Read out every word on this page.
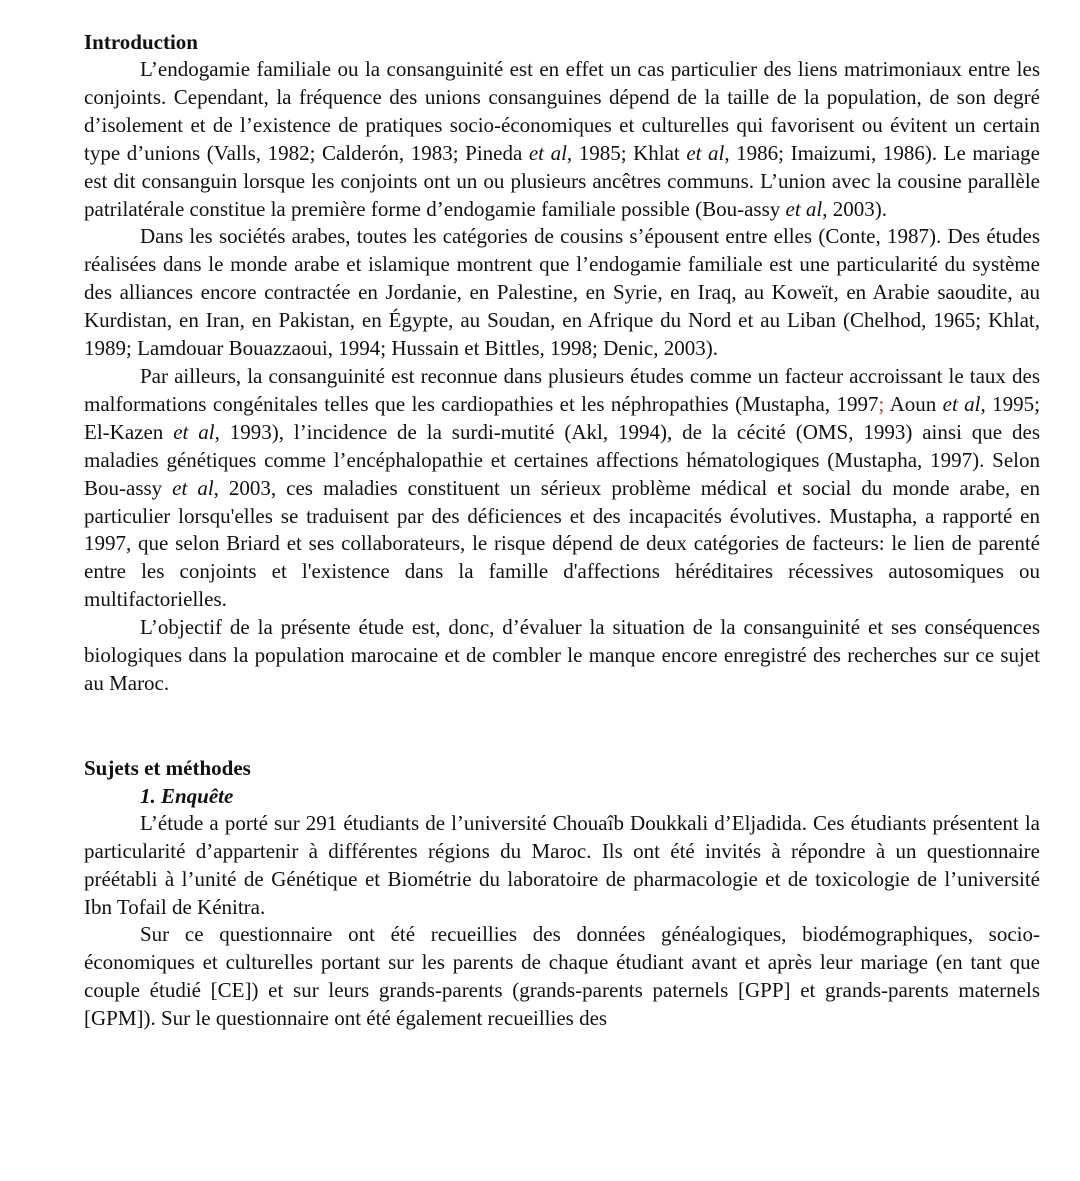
Introduction

L’endogamie familiale ou la consanguinité est en effet un cas particulier des liens matrimoniaux entre les conjoints. Cependant, la fréquence des unions consanguines dépend de la taille de la population, de son degré d’isolement et de l’existence de pratiques socio-économiques et culturelles qui favorisent ou évitent un certain type d’unions (Valls, 1982; Calderón, 1983; Pineda et al, 1985; Khlat et al, 1986; Imaizumi, 1986). Le mariage est dit consanguin lorsque les conjoints ont un ou plusieurs ancêtres communs. L’union avec la cousine parallèle patrilatérale constitue la première forme d’endogamie familiale possible (Bou-assy et al, 2003).

Dans les sociétés arabes, toutes les catégories de cousins s’épousent entre elles (Conte, 1987). Des études réalisées dans le monde arabe et islamique montrent que l’endogamie familiale est une particularité du système des alliances encore contractée en Jordanie, en Palestine, en Syrie, en Iraq, au Koweït, en Arabie saoudite, au Kurdistan, en Iran, en Pakistan, en Égypte, au Soudan, en Afrique du Nord et au Liban (Chelhod, 1965; Khlat, 1989; Lamdouar Bouazzaoui, 1994; Hussain et Bittles, 1998; Denic, 2003).

Par ailleurs, la consanguinité est reconnue dans plusieurs études comme un facteur accroissant le taux des malformations congénitales telles que les cardiopathies et les néphropathies (Mustapha, 1997; Aoun et al, 1995; El-Kazen et al, 1993), l’incidence de la surdi-mutité (Akl, 1994), de la cécité (OMS, 1993) ainsi que des maladies génétiques comme l’encéphalopathie et certaines affections hématologiques (Mustapha, 1997). Selon Bou-assy et al, 2003, ces maladies constituent un sérieux problème médical et social du monde arabe, en particulier lorsqu'elles se traduisent par des déficiences et des incapacités évolutives. Mustapha, a rapporté en 1997, que selon Briard et ses collaborateurs, le risque dépend de deux catégories de facteurs: le lien de parenté entre les conjoints et l'existence dans la famille d'affections héréditaires récessives autosomiques ou multifactorielles.

L’objectif de la présente étude est, donc, d’évaluer la situation de la consanguinité et ses conséquences biologiques dans la population marocaine et de combler le manque encore enregistré des recherches sur ce sujet au Maroc.

Sujets et méthodes
1. Enquête

L’étude a porté sur 291 étudiants de l’université Chouaîb Doukkali d’Eljadida. Ces étudiants présentent la particularité d’appartenir à différentes régions du Maroc. Ils ont été invités à répondre à un questionnaire préétabli à l’unité de Génétique et Biométrie du laboratoire de pharmacologie et de toxicologie de l’université Ibn Tofail de Kénitra.

Sur ce questionnaire ont été recueillies des données généalogiques, biodémographiques, socio-économiques et culturelles portant sur les parents de chaque étudiant avant et après leur mariage (en tant que couple étudié [CE]) et sur leurs grands-parents (grands-parents paternels [GPP] et grands-parents maternels [GPM]). Sur le questionnaire ont été également recueillies des
